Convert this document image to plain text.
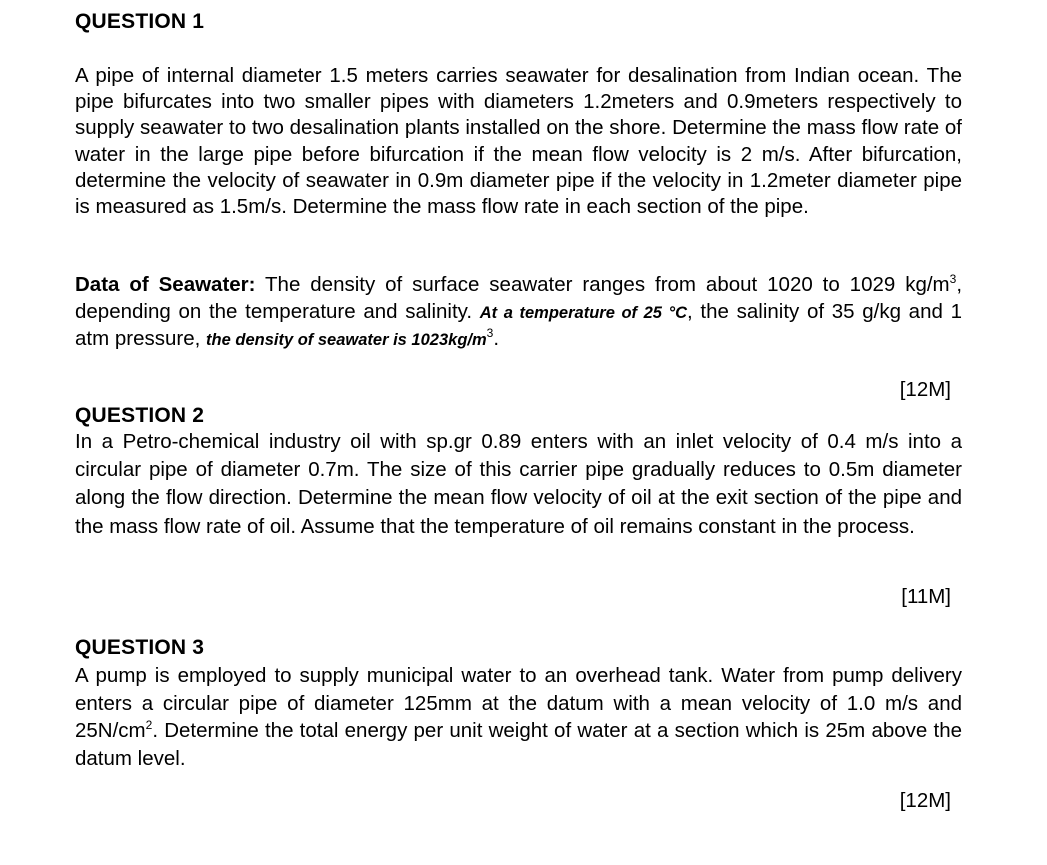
QUESTION 1
A pipe of internal diameter 1.5 meters carries seawater for desalination from Indian ocean. The pipe bifurcates into two smaller pipes with diameters 1.2meters and 0.9meters respectively to supply seawater to two desalination plants installed on the shore. Determine the mass flow rate of water in the large pipe before bifurcation if the mean flow velocity is 2 m/s. After bifurcation, determine the velocity of seawater in 0.9m diameter pipe if the velocity in 1.2meter diameter pipe is measured as 1.5m/s. Determine the mass flow rate in each section of the pipe.
Data of Seawater: The density of surface seawater ranges from about 1020 to 1029 $kg/m^3$, depending on the temperature and salinity. At a temperature of 25 °C, the salinity of 35 g/kg and 1 atm pressure, the density of seawater is $1023kg/m^3$.
[12M]
QUESTION 2
In a Petro-chemical industry oil with sp.gr 0.89 enters with an inlet velocity of 0.4 m/s into a circular pipe of diameter 0.7m. The size of this carrier pipe gradually reduces to 0.5m diameter along the flow direction. Determine the mean flow velocity of oil at the exit section of the pipe and the mass flow rate of oil. Assume that the temperature of oil remains constant in the process.
[11M]
QUESTION 3
A pump is employed to supply municipal water to an overhead tank. Water from pump delivery enters a circular pipe of diameter 125mm at the datum with a mean velocity of 1.0 m/s and $25N/cm^2$. Determine the total energy per unit weight of water at a section which is 25m above the datum level.
[12M]
